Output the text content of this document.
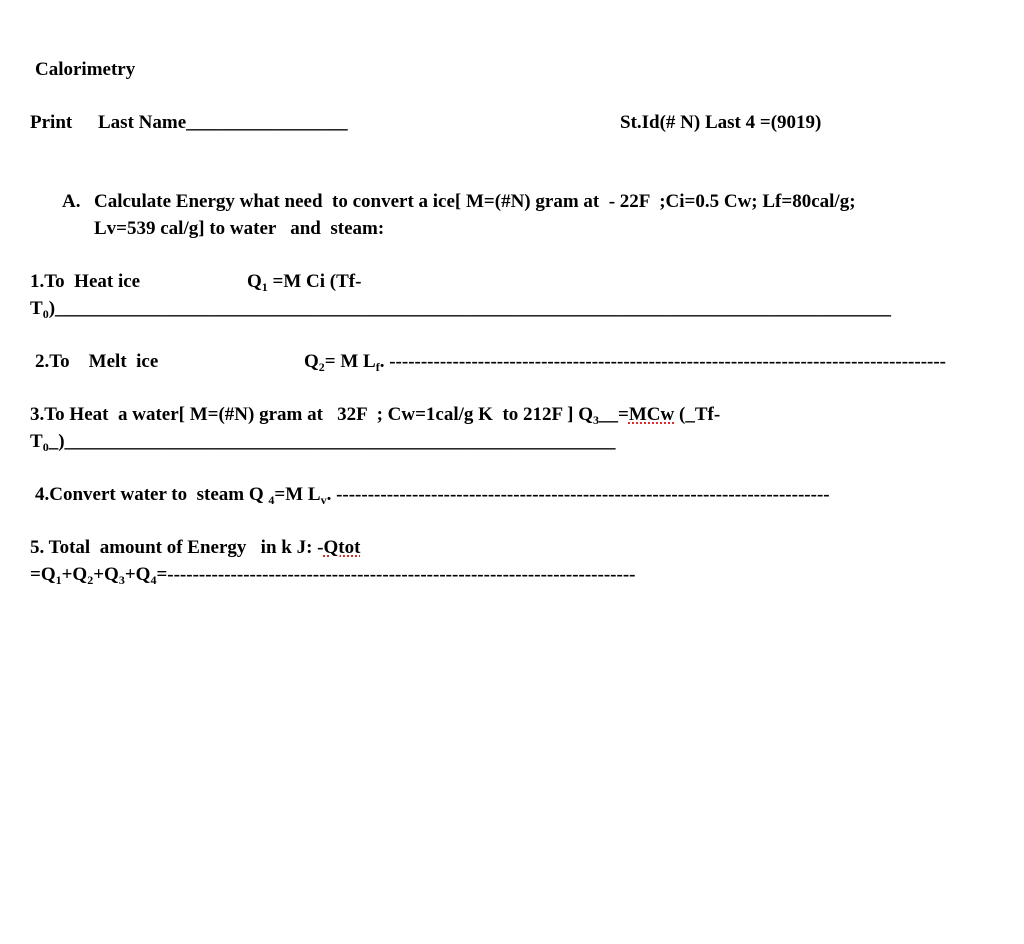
Calorimetry
Print Last Name_________________	St.Id(# N) Last 4 =(9019)
A. Calculate Energy what need  to convert a ice[ M=(#N) gram at  - 22F  ;Ci=0.5 Cw; Lf=80cal/g;
Lv=539 cal/g] to water   and  steam:
1.To  Heat ice	$Q_1 =M$ Ci (Tf-
$T_0)\_\_\_\_\_\_\_\_\_\_\_\_\_\_\_\_\_\_\_\_\_\_\_\_\_\_\_\_\_\_\_\_\_\_\_\_\_\_\_\_\_\_\_\_\_\_\_\_\_\_\_\_\_\_\_\_\_\_\_\_\_\_\_\_\_\_\_\_\_\_\_\_\_\_\_\_\_\_\_\_\_\_\_\_\_\_\_\_$
2.To    Melt  ice	$Q_2= M$ $L_f$. ----------------------------------------------------------------------------------------
3.To Heat  a water[ M=(#N) gram at   32F  ; Cw=1cal/g K  to 212F ] $Q_3\_\_=MCw$ (_Tf-
$T_0\_)\_\_\_\_\_\_\_\_\_\_\_\_\_\_\_\_\_\_\_\_\_\_\_\_\_\_\_\_\_\_\_\_\_\_\_\_\_\_\_\_\_\_\_\_\_\_\_\_\_\_\_\_\_\_\_\_\_\_$
4.Convert water to  steam Q $_4$=M $L_v$. ------------------------------------------------------------------------------
5. Total  amount of Energy   in k J: -Qtot
$=Q_1+Q_2+Q_3+Q_4=--------------------------------------------------------------------------$
